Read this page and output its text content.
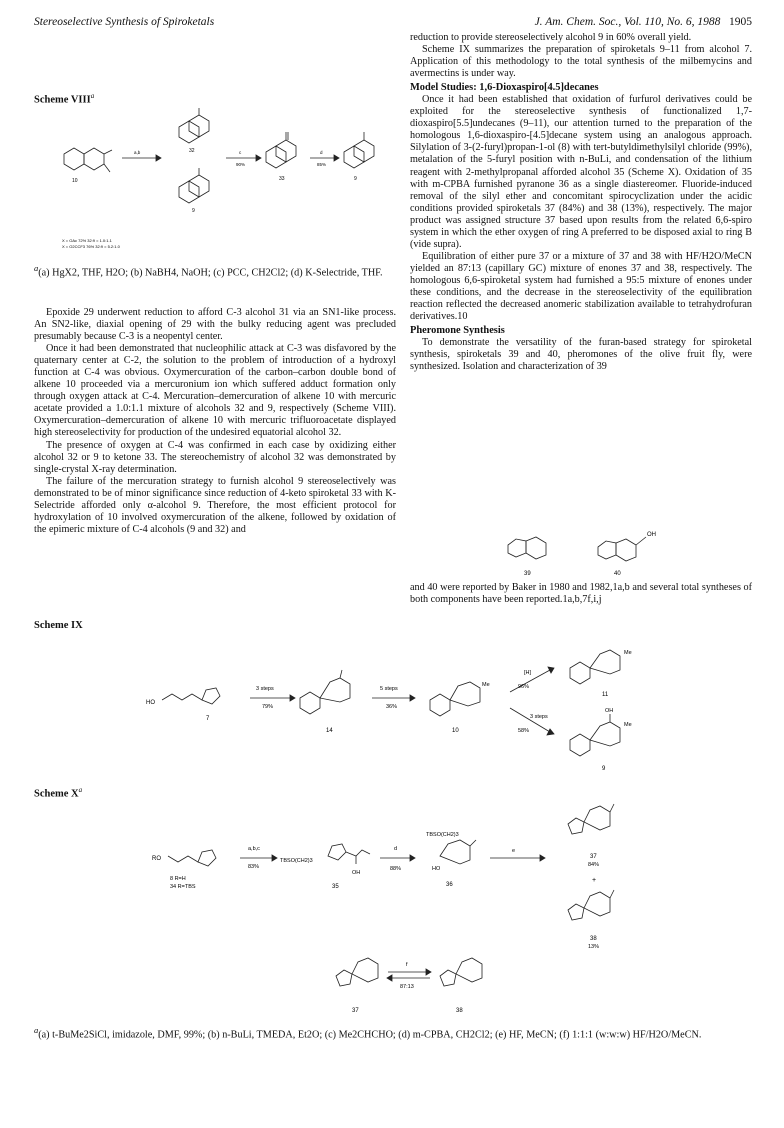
Stereoselective Synthesis of Spiroketals	J. Am. Chem. Soc., Vol. 110, No. 6, 1988 1905
Scheme VIII$^a$
10
32
9
33	9
a,b	c
90%
d
85%
X = OAc 72% 32:9 = 1.0:1.1
X = O2CCF3 76% 32:9 = 5.2:1.0
$^a$(a) HgX2, THF, H2O; (b) NaBH4, NaOH; (c) PCC, CH2Cl2; (d) K-Selectride, THF.

Epoxide 29 underwent reduction to afford C-3 alcohol 31 via an SN1-like process. An SN2-like, diaxial opening of 29 with the bulky reducing agent was precluded presumably because C-3 is a neopentyl center.

Once it had been demonstrated that nucleophilic attack at C-3 was disfavored by the quaternary center at C-2, the solution to the problem of introduction of a hydroxyl function at C-4 was obvious. Oxymercuration of the carbon–carbon double bond of alkene 10 proceeded via a mercuronium ion which suffered adduct formation only through oxygen attack at C-4. Mercuration–demercuration of alkene 10 with mercuric acetate provided a 1.0:1.1 mixture of alcohols 32 and 9, respectively (Scheme VIII). Oxymercuration–demercuration of alkene 10 with mercuric trifluoroacetate displayed high stereoselectivity for production of the undesired equatorial alcohol 32.

The presence of oxygen at C-4 was confirmed in each case by oxidizing either alcohol 32 or 9 to ketone 33. The stereochemistry of alcohol 32 was demonstrated by single-crystal X-ray determination.

The failure of the mercuration strategy to furnish alcohol 9 stereoselectively was demonstrated to be of minor significance since reduction of 4-keto spiroketal 33 with K-Selectride afforded only α-alcohol 9. Therefore, the most efficient protocol for hydroxylation of 10 involved oxymercuration of the alkene, followed by oxidation of the epimeric mixture of C-4 alcohols (9 and 32) and

reduction to provide stereoselectively alcohol 9 in 60% overall yield.

Scheme IX summarizes the preparation of spiroketals 9–11 from alcohol 7. Application of this methodology to the total synthesis of the milbemycins and avermectins is under way.

Model Studies: 1,6-Dioxaspiro[4.5]decanes

Once it had been established that oxidation of furfurol derivatives could be exploited for the stereoselective synthesis of functionalized 1,7-dioxaspiro[5.5]undecanes (9–11), our attention turned to the preparation of the homologous 1,6-dioxaspiro-[4.5]decane system using an analogous approach. Silylation of 3-(2-furyl)propan-1-ol (8) with tert-butyldimethylsilyl chloride (99%), metalation of the 5-furyl position with n-BuLi, and condensation of the lithium reagent with 2-methylpropanal afforded alcohol 35 (Scheme X). Oxidation of 35 with m-CPBA furnished pyranone 36 as a single diastereomer. Fluoride-induced removal of the silyl ether and concomitant spirocyclization under the acidic conditions provided spiroketals 37 (84%) and 38 (13%), respectively. The major product was assigned structure 37 based upon results from the related 6,6-spiro system in which the ether oxygen of ring A preferred to be disposed axial to ring B (vide supra).

Equilibration of either pure 37 or a mixture of 37 and 38 with HF/H2O/MeCN yielded an 87:13 (capillary GC) mixture of enones 37 and 38, respectively. The homologous 6,6-spiroketal system had furnished a 95:5 mixture of enones under these conditions, and the decrease in the stereoselectivity of the equilibration reaction reflected the decreased anomeric stabilization available to tetrahydrofuran derivatives.10

Pheromone Synthesis

To demonstrate the versatility of the furan-based strategy for spiroketal synthesis, spiroketals 39 and 40, pheromones of the olive fruit fly, were synthesized. Isolation and characterization of 39

OH
39	40

and 40 were reported by Baker in 1980 and 1982,1a,b and several total syntheses of both components have been reported.1a,b,7f,i,j

Scheme IX
HO
7
3 steps
79%
14
5 steps
36%
Me
10
[H]
96%
3 steps
58%
Me
11
OH
Me
9
Scheme $X^a$
RO
8 R=H
34 R=TBS
a,b,c
83%
TBSO(CH2)3
OH
35
d
88%
TBSO(CH2)3
HO
36
e
37
84%
+
38
13%
f
87:13
37	38
$^a$(a) t-BuMe2SiCl, imidazole, DMF, 99%; (b) n-BuLi, TMEDA, Et2O; (c) Me2CHCHO; (d) m-CPBA, CH2Cl2; (e) HF, MeCN; (f) 1:1:1 (w:w:w) HF/H2O/MeCN.
